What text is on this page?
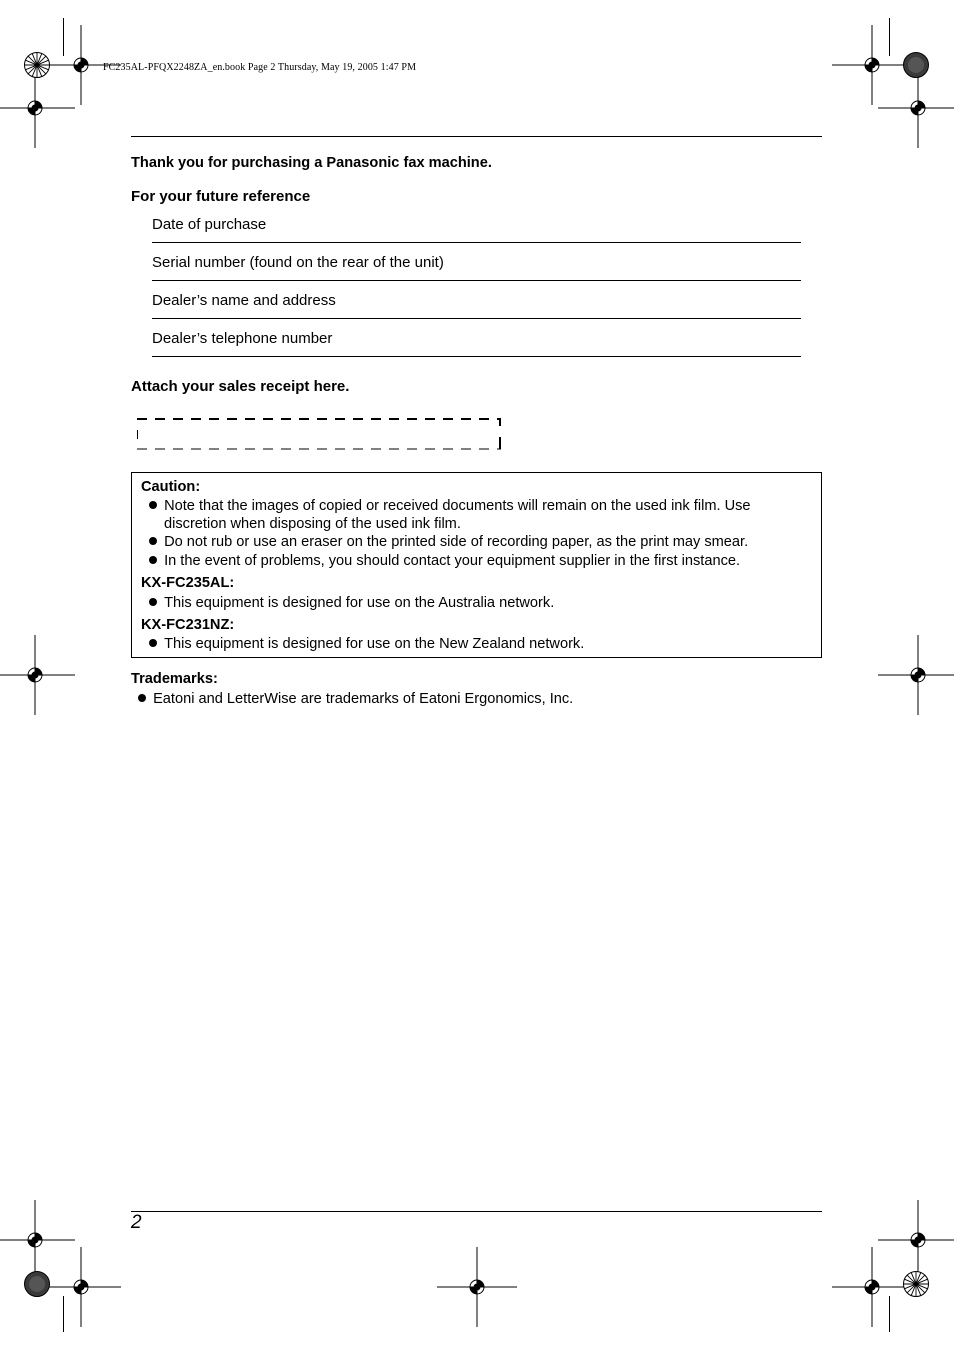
FC235AL-PFQX2248ZA_en.book Page 2 Thursday, May 19, 2005 1:47 PM
Thank you for purchasing a Panasonic fax machine.
For your future reference
Date of purchase
Serial number (found on the rear of the unit)
Dealer’s name and address
Dealer’s telephone number
Attach your sales receipt here.
Caution:
Note that the images of copied or received documents will remain on the used ink film. Use
discretion when disposing of the used ink film.
Do not rub or use an eraser on the printed side of recording paper, as the print may smear.
In the event of problems, you should contact your equipment supplier in the first instance.
KX-FC235AL:
This equipment is designed for use on the Australia network.
KX-FC231NZ:
This equipment is designed for use on the New Zealand network.
Trademarks:
Eatoni and LetterWise are trademarks of Eatoni Ergonomics, Inc.
2
